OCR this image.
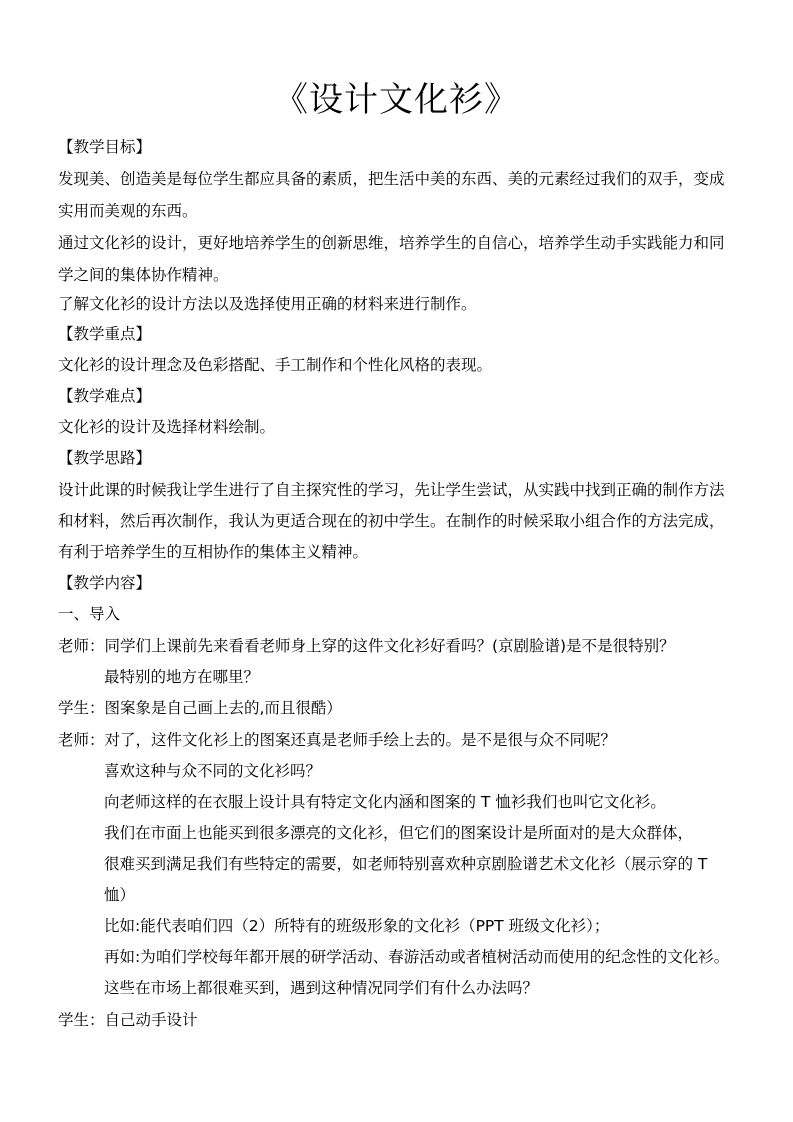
《设计文化衫》
【教学目标】
发现美、创造美是每位学生都应具备的素质，把生活中美的东西、美的元素经过我们的双手，变成
实用而美观的东西。
通过文化衫的设计，更好地培养学生的创新思维，培养学生的自信心，培养学生动手实践能力和同
学之间的集体协作精神。
了解文化衫的设计方法以及选择使用正确的材料来进行制作。
【教学重点】
文化衫的设计理念及色彩搭配、手工制作和个性化风格的表现。
【教学难点】
文化衫的设计及选择材料绘制。
【教学思路】
设计此课的时候我让学生进行了自主探究性的学习，先让学生尝试，从实践中找到正确的制作方法
和材料，然后再次制作，我认为更适合现在的初中学生。在制作的时候采取小组合作的方法完成，
有利于培养学生的互相协作的集体主义精神。
【教学内容】
一、导入
老师：同学们上课前先来看看老师身上穿的这件文化衫好看吗？(京剧脸谱)是不是很特别？
最特别的地方在哪里？
学生：图案象是自己画上去的,而且很酷）
老师：对了，这件文化衫上的图案还真是老师手绘上去的。是不是很与众不同呢？
喜欢这种与众不同的文化衫吗？
向老师这样的在衣服上设计具有特定文化内涵和图案的 T 恤衫我们也叫它文化衫。
我们在市面上也能买到很多漂亮的文化衫，但它们的图案设计是所面对的是大众群体，
很难买到满足我们有些特定的需要，如老师特别喜欢种京剧脸谱艺术文化衫（展示穿的 T
恤）
比如:能代表咱们四（2）所特有的班级形象的文化衫（PPT 班级文化衫）；
再如:为咱们学校每年都开展的研学活动、春游活动或者植树活动而使用的纪念性的文化衫。
这些在市场上都很难买到，遇到这种情况同学们有什么办法吗？
学生：自己动手设计
